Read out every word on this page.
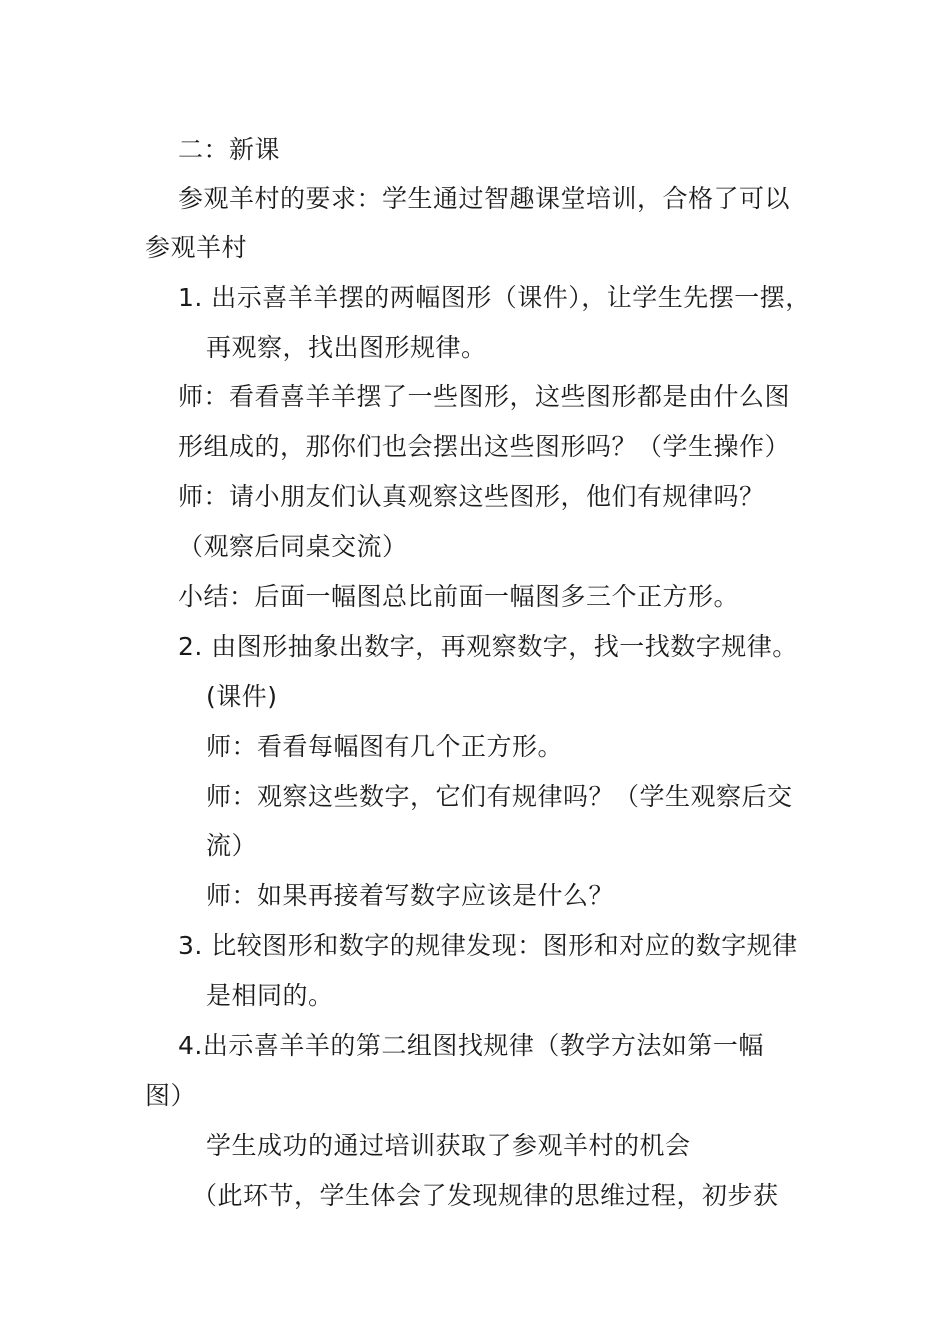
二：新课
参观羊村的要求：学生通过智趣课堂培训，合格了可以
参观羊村
1. 出示喜羊羊摆的两幅图形（课件），让学生先摆一摆，
再观察，找出图形规律。
师：看看喜羊羊摆了一些图形，这些图形都是由什么图
形组成的，那你们也会摆出这些图形吗？（学生操作）
师：请小朋友们认真观察这些图形，他们有规律吗？
（观察后同桌交流）
小结：后面一幅图总比前面一幅图多三个正方形。
2. 由图形抽象出数字，再观察数字，找一找数字规律。
(课件)
师：看看每幅图有几个正方形。
师：观察这些数字，它们有规律吗？（学生观察后交
流）
师：如果再接着写数字应该是什么？
3. 比较图形和数字的规律发现：图形和对应的数字规律
是相同的。
4.出示喜羊羊的第二组图找规律（教学方法如第一幅
图）
学生成功的通过培训获取了参观羊村的机会
（此环节，学生体会了发现规律的思维过程，初步获
